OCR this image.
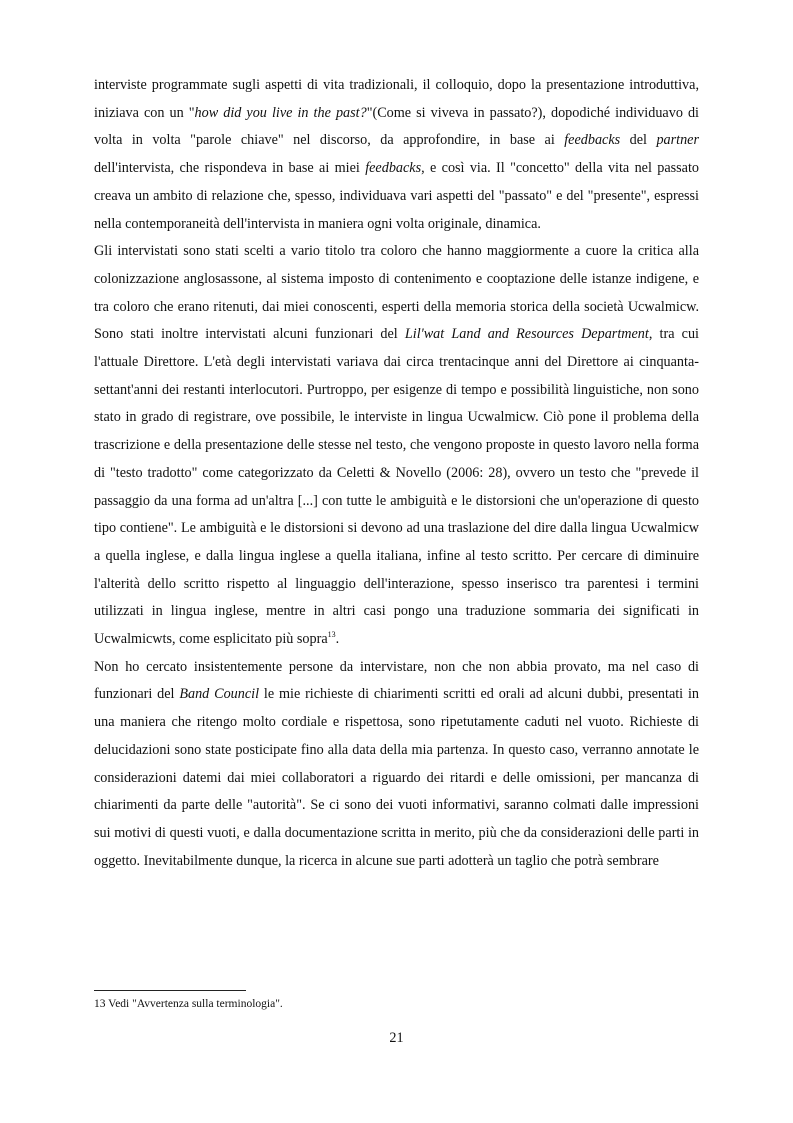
interviste programmate sugli aspetti di vita tradizionali, il colloquio, dopo la presentazione introduttiva, iniziava con un "how did you live in the past?"(Come si viveva in passato?), dopodiché individuavo di volta in volta "parole chiave" nel discorso, da approfondire, in base ai feedbacks del partner dell'intervista, che rispondeva in base ai miei feedbacks, e così via. Il "concetto" della vita nel passato creava un ambito di relazione che, spesso, individuava vari aspetti del "passato" e del "presente", espressi nella contemporaneità dell'intervista in maniera ogni volta originale, dinamica.

Gli intervistati sono stati scelti a vario titolo tra coloro che hanno maggiormente a cuore la critica alla colonizzazione anglosassone, al sistema imposto di contenimento e cooptazione delle istanze indigene, e tra coloro che erano ritenuti, dai miei conoscenti, esperti della memoria storica della società Ucwalmicw. Sono stati inoltre intervistati alcuni funzionari del Lil'wat Land and Resources Department, tra cui l'attuale Direttore. L'età degli intervistati variava dai circa trentacinque anni del Direttore ai cinquanta-settant'anni dei restanti interlocutori. Purtroppo, per esigenze di tempo e possibilità linguistiche, non sono stato in grado di registrare, ove possibile, le interviste in lingua Ucwalmicw. Ciò pone il problema della trascrizione e della presentazione delle stesse nel testo, che vengono proposte in questo lavoro nella forma di "testo tradotto" come categorizzato da Celetti & Novello (2006: 28), ovvero un testo che "prevede il passaggio da una forma ad un'altra [...] con tutte le ambiguità e le distorsioni che un'operazione di questo tipo contiene". Le ambiguità e le distorsioni si devono ad una traslazione del dire dalla lingua Ucwalmicw a quella inglese, e dalla lingua inglese a quella italiana, infine al testo scritto. Per cercare di diminuire l'alterità dello scritto rispetto al linguaggio dell'interazione, spesso inserisco tra parentesi i termini utilizzati in lingua inglese, mentre in altri casi pongo una traduzione sommaria dei significati in Ucwalmicwts, come esplicitato più sopra$^{13}$.

Non ho cercato insistentemente persone da intervistare, non che non abbia provato, ma nel caso di funzionari del Band Council le mie richieste di chiarimenti scritti ed orali ad alcuni dubbi, presentati in una maniera che ritengo molto cordiale e rispettosa, sono ripetutamente caduti nel vuoto. Richieste di delucidazioni sono state posticipate fino alla data della mia partenza. In questo caso, verranno annotate le considerazioni datemi dai miei collaboratori a riguardo dei ritardi e delle omissioni, per mancanza di chiarimenti da parte delle "autorità". Se ci sono dei vuoti informativi, saranno colmati dalle impressioni sui motivi di questi vuoti, e dalla documentazione scritta in merito, più che da considerazioni delle parti in oggetto. Inevitabilmente dunque, la ricerca in alcune sue parti adotterà un taglio che potrà sembrare

13 Vedi "Avvertenza sulla terminologia".
21
